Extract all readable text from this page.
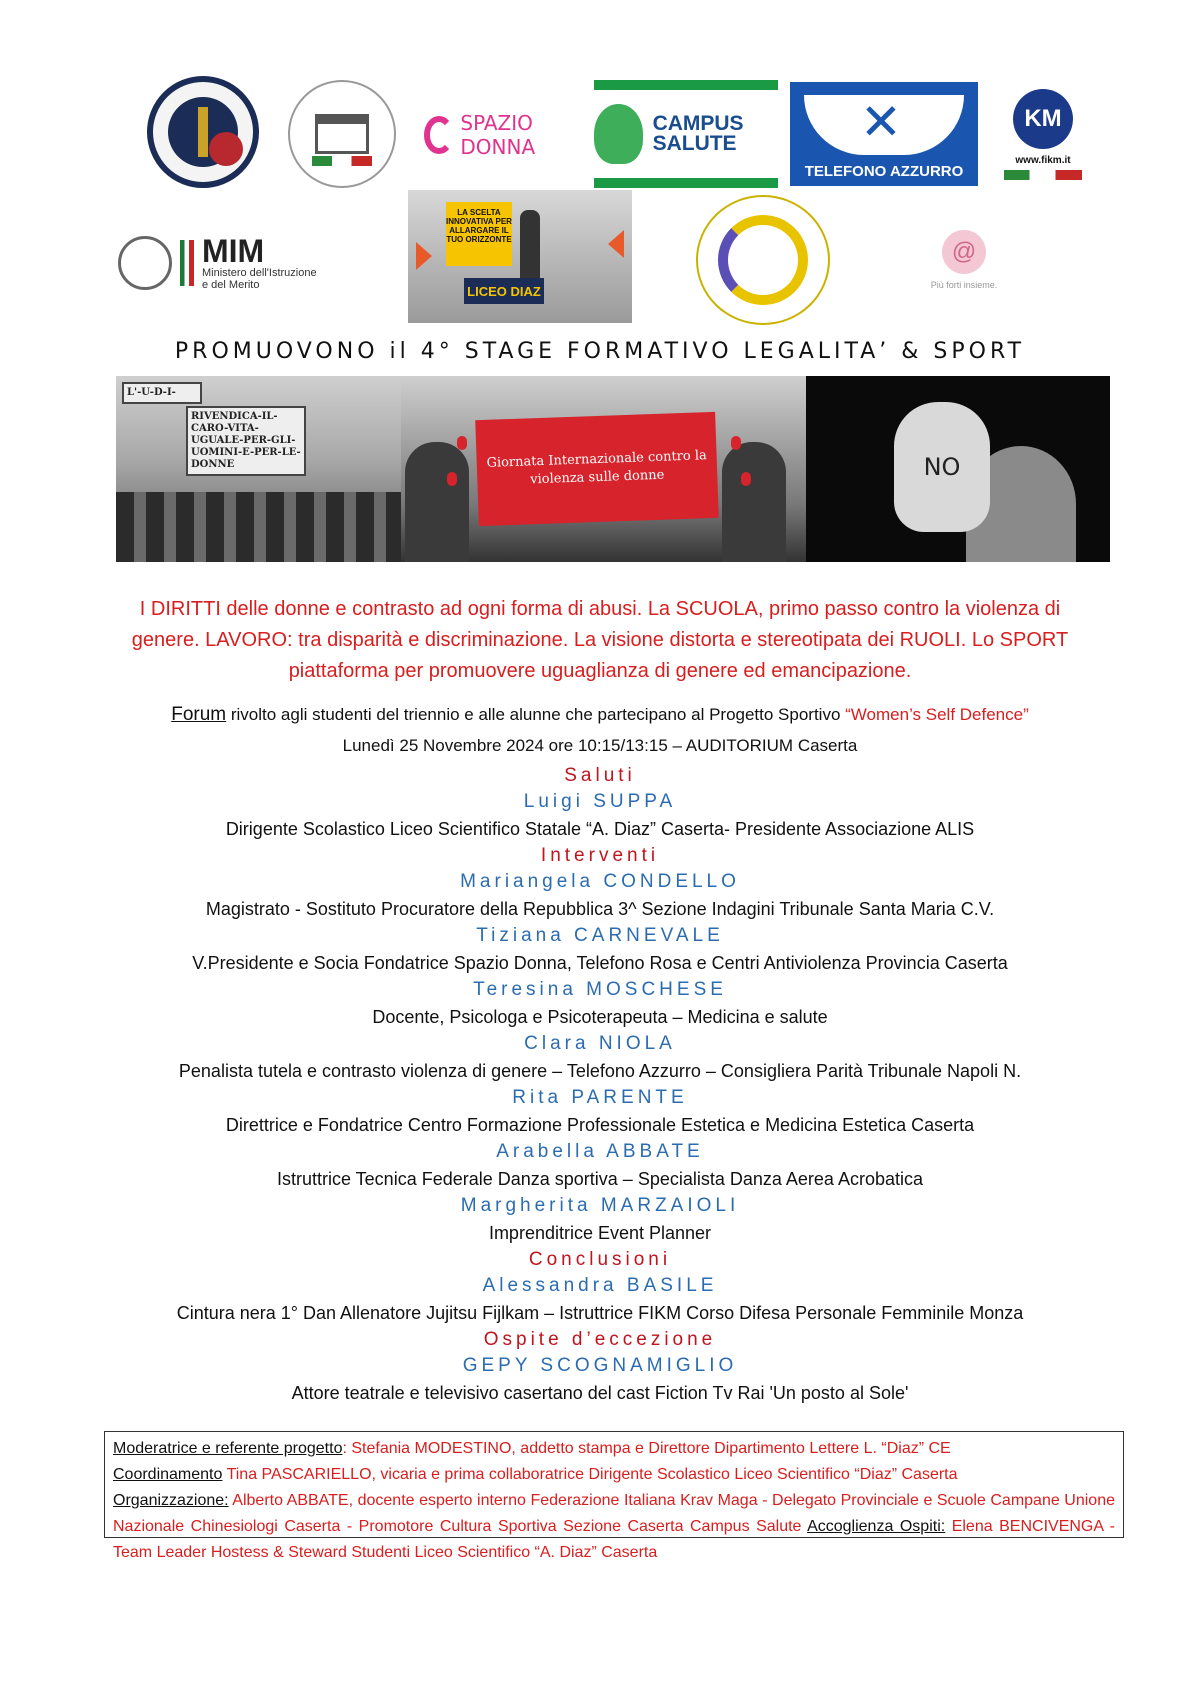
SPAZIO DONNA
CAMPUS SALUTE
✕
TELEFONO AZZURRO
KM
www.fikm.it
MIM
Ministero dell'Istruzione
e del Merito
LA SCELTA INNOVATIVA PER ALLARGARE IL TUO ORIZZONTE
LICEO DIAZ
@
Più forti insieme.
PROMUOVONO il 4° STAGE FORMATIVO LEGALITA’ & SPORT
L'-U-D-I-
RIVENDICA-IL-CARO-VITA-UGUALE-PER-GLI-UOMINI-E-PER-LE-DONNE	Giornata Internazionale contro la violenza sulle donne	NO
I DIRITTI delle donne e contrasto ad ogni forma di abusi. La SCUOLA, primo passo contro la violenza di genere. LAVORO: tra disparità e discriminazione. La visione distorta e stereotipata dei RUOLI. Lo SPORT piattaforma per promuovere uguaglianza di genere ed emancipazione.
Forum rivolto agli studenti del triennio e alle alunne che partecipano al Progetto Sportivo “Women’s Self Defence”
Lunedì 25 Novembre 2024 ore 10:15/13:15 – AUDITORIUM Caserta
Saluti
Luigi SUPPA
Dirigente Scolastico Liceo Scientifico Statale “A. Diaz” Caserta- Presidente Associazione ALIS
Interventi
Mariangela CONDELLO
Magistrato - Sostituto Procuratore della Repubblica 3^ Sezione Indagini Tribunale Santa Maria C.V.
Tiziana CARNEVALE
V.Presidente e Socia Fondatrice Spazio Donna, Telefono Rosa e Centri Antiviolenza Provincia Caserta
Teresina MOSCHESE
Docente, Psicologa e Psicoterapeuta – Medicina e salute
Clara NIOLA
Penalista tutela e contrasto violenza di genere – Telefono Azzurro – Consigliera Parità Tribunale Napoli N.
Rita PARENTE
Direttrice e Fondatrice Centro Formazione Professionale Estetica e Medicina Estetica Caserta
Arabella ABBATE
Istruttrice Tecnica Federale Danza sportiva – Specialista Danza Aerea Acrobatica
Margherita MARZAIOLI
Imprenditrice Event Planner
Conclusioni
Alessandra BASILE
Cintura nera 1° Dan Allenatore Jujitsu Fijlkam – Istruttrice FIKM Corso Difesa Personale Femminile Monza
Ospite d’eccezione
GEPY SCOGNAMIGLIO
Attore teatrale e televisivo casertano del cast Fiction Tv Rai 'Un posto al Sole'
Moderatrice e referente progetto: Stefania MODESTINO, addetto stampa e Direttore Dipartimento Lettere L. “Diaz” CE
Coordinamento Tina PASCARIELLO, vicaria e prima collaboratrice Dirigente Scolastico Liceo Scientifico “Diaz” Caserta
Organizzazione: Alberto ABBATE, docente esperto interno Federazione Italiana Krav Maga - Delegato Provinciale e Scuole Campane Unione Nazionale Chinesiologi Caserta - Promotore Cultura Sportiva Sezione Caserta Campus Salute Accoglienza Ospiti: Elena BENCIVENGA - Team Leader Hostess & Steward Studenti Liceo Scientifico “A. Diaz” Caserta
